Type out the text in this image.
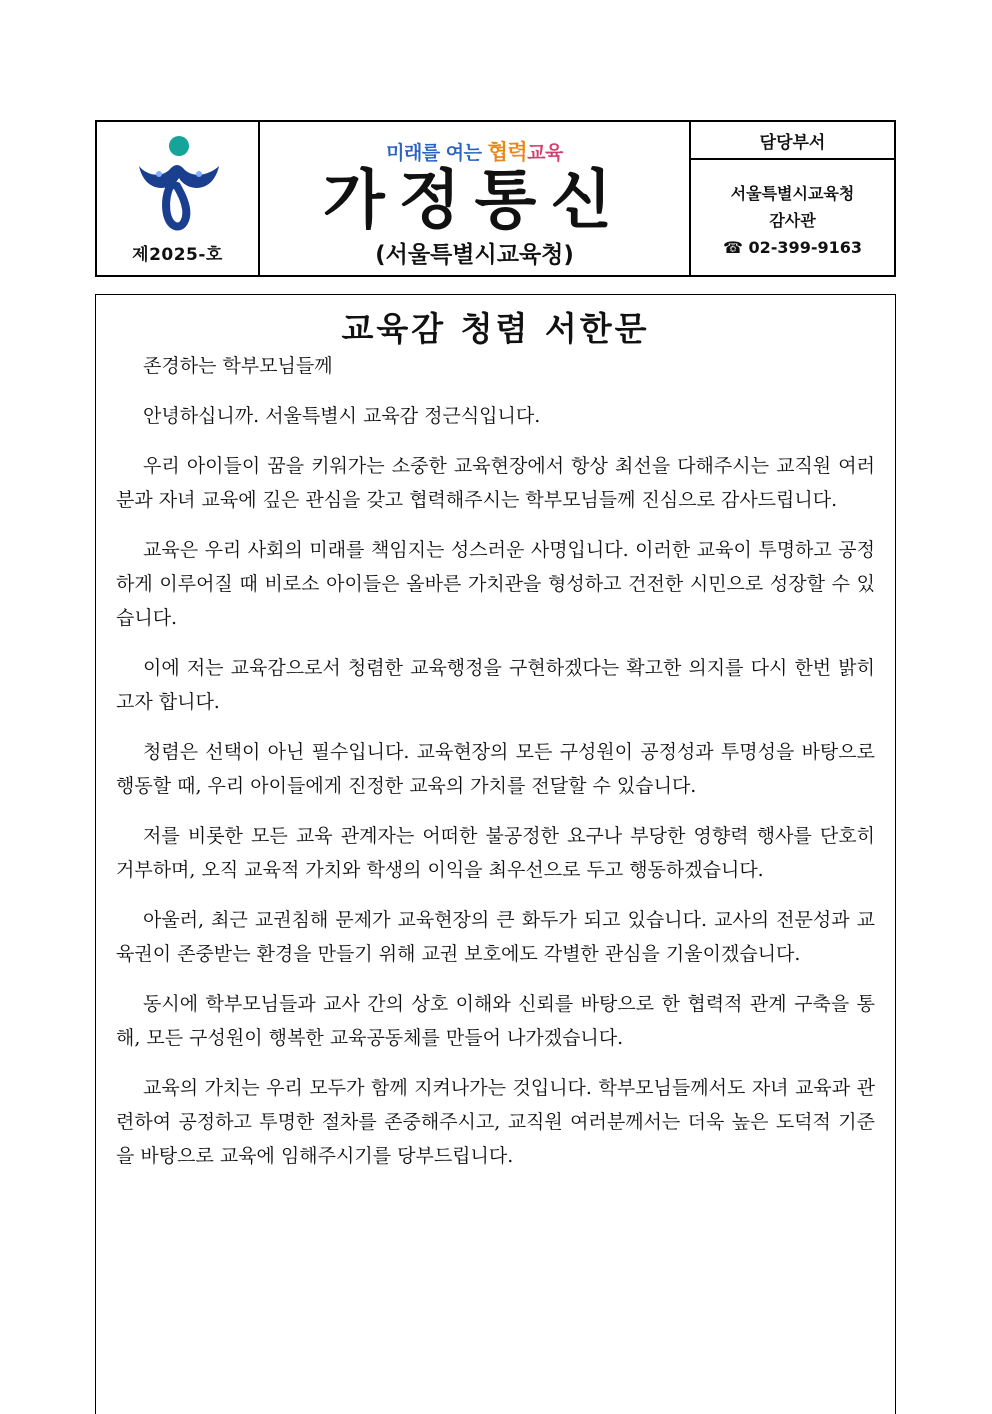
제2025-호
미래를 여는 협력교육
가정통신
(서울특별시교육청)
담당부서
서울특별시교육청
감사관
☎ 02-399-9163
교육감 청렴 서한문

존경하는 학부모님들께

안녕하십니까. 서울특별시 교육감 정근식입니다.

우리 아이들이 꿈을 키워가는 소중한 교육현장에서 항상 최선을 다해주시는 교직원 여러분과 자녀 교육에 깊은 관심을 갖고 협력해주시는 학부모님들께 진심으로 감사드립니다.

교육은 우리 사회의 미래를 책임지는 성스러운 사명입니다. 이러한 교육이 투명하고 공정하게 이루어질 때 비로소 아이들은 올바른 가치관을 형성하고 건전한 시민으로 성장할 수 있습니다.

이에 저는 교육감으로서 청렴한 교육행정을 구현하겠다는 확고한 의지를 다시 한번 밝히고자 합니다.

청렴은 선택이 아닌 필수입니다. 교육현장의 모든 구성원이 공정성과 투명성을 바탕으로 행동할 때, 우리 아이들에게 진정한 교육의 가치를 전달할 수 있습니다.

저를 비롯한 모든 교육 관계자는 어떠한 불공정한 요구나 부당한 영향력 행사를 단호히 거부하며, 오직 교육적 가치와 학생의 이익을 최우선으로 두고 행동하겠습니다.

아울러, 최근 교권침해 문제가 교육현장의 큰 화두가 되고 있습니다. 교사의 전문성과 교육권이 존중받는 환경을 만들기 위해 교권 보호에도 각별한 관심을 기울이겠습니다.

동시에 학부모님들과 교사 간의 상호 이해와 신뢰를 바탕으로 한 협력적 관계 구축을 통해, 모든 구성원이 행복한 교육공동체를 만들어 나가겠습니다.

교육의 가치는 우리 모두가 함께 지켜나가는 것입니다. 학부모님들께서도 자녀 교육과 관련하여 공정하고 투명한 절차를 존중해주시고, 교직원 여러분께서는 더욱 높은 도덕적 기준을 바탕으로 교육에 임해주시기를 당부드립니다.
